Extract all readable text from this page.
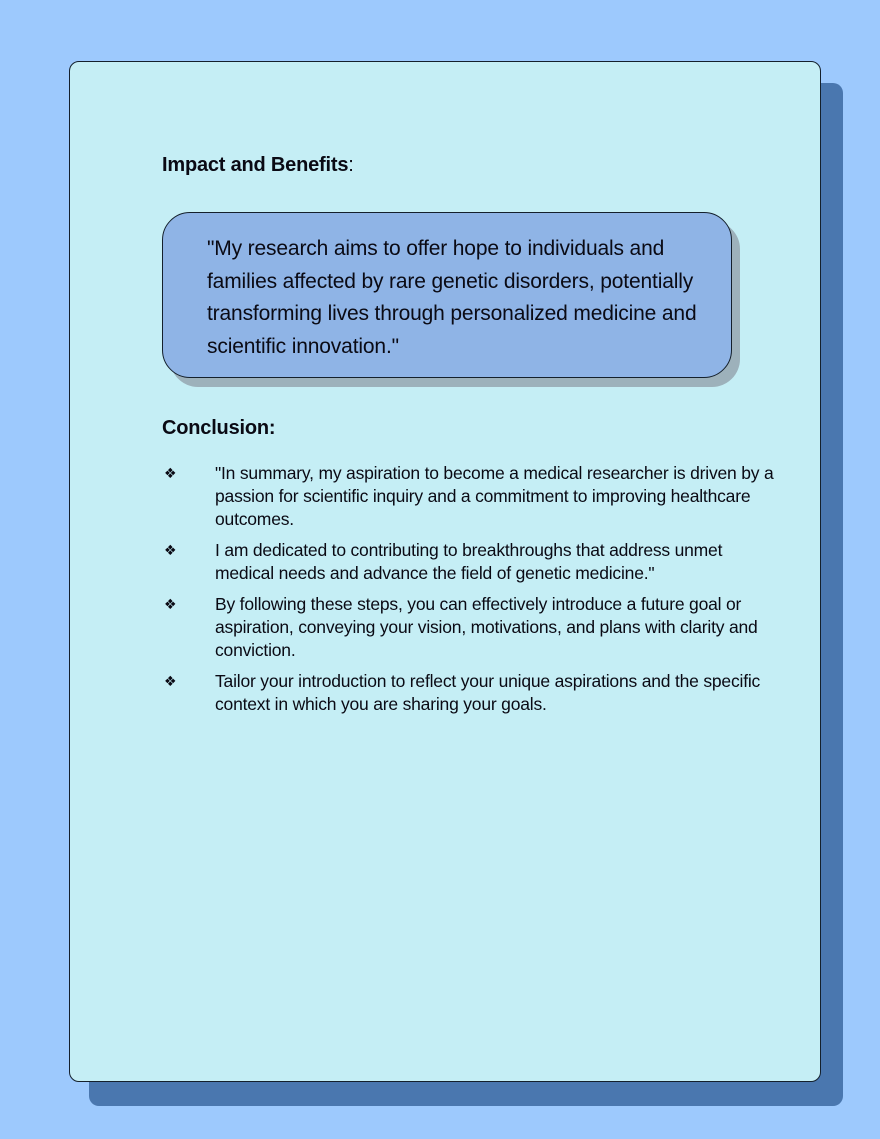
Impact and Benefits:

"My research aims to offer hope to individuals and families affected by rare genetic disorders, potentially transforming lives through personalized medicine and scientific innovation."

Conclusion:
❖	"In summary, my aspiration to become a medical researcher is driven by a passion for scientific inquiry and a commitment to improving healthcare outcomes.
❖	I am dedicated to contributing to breakthroughs that address unmet medical needs and advance the field of genetic medicine."
❖	By following these steps, you can effectively introduce a future goal or aspiration, conveying your vision, motivations, and plans with clarity and conviction.
❖	Tailor your introduction to reflect your unique aspirations and the specific context in which you are sharing your goals.
